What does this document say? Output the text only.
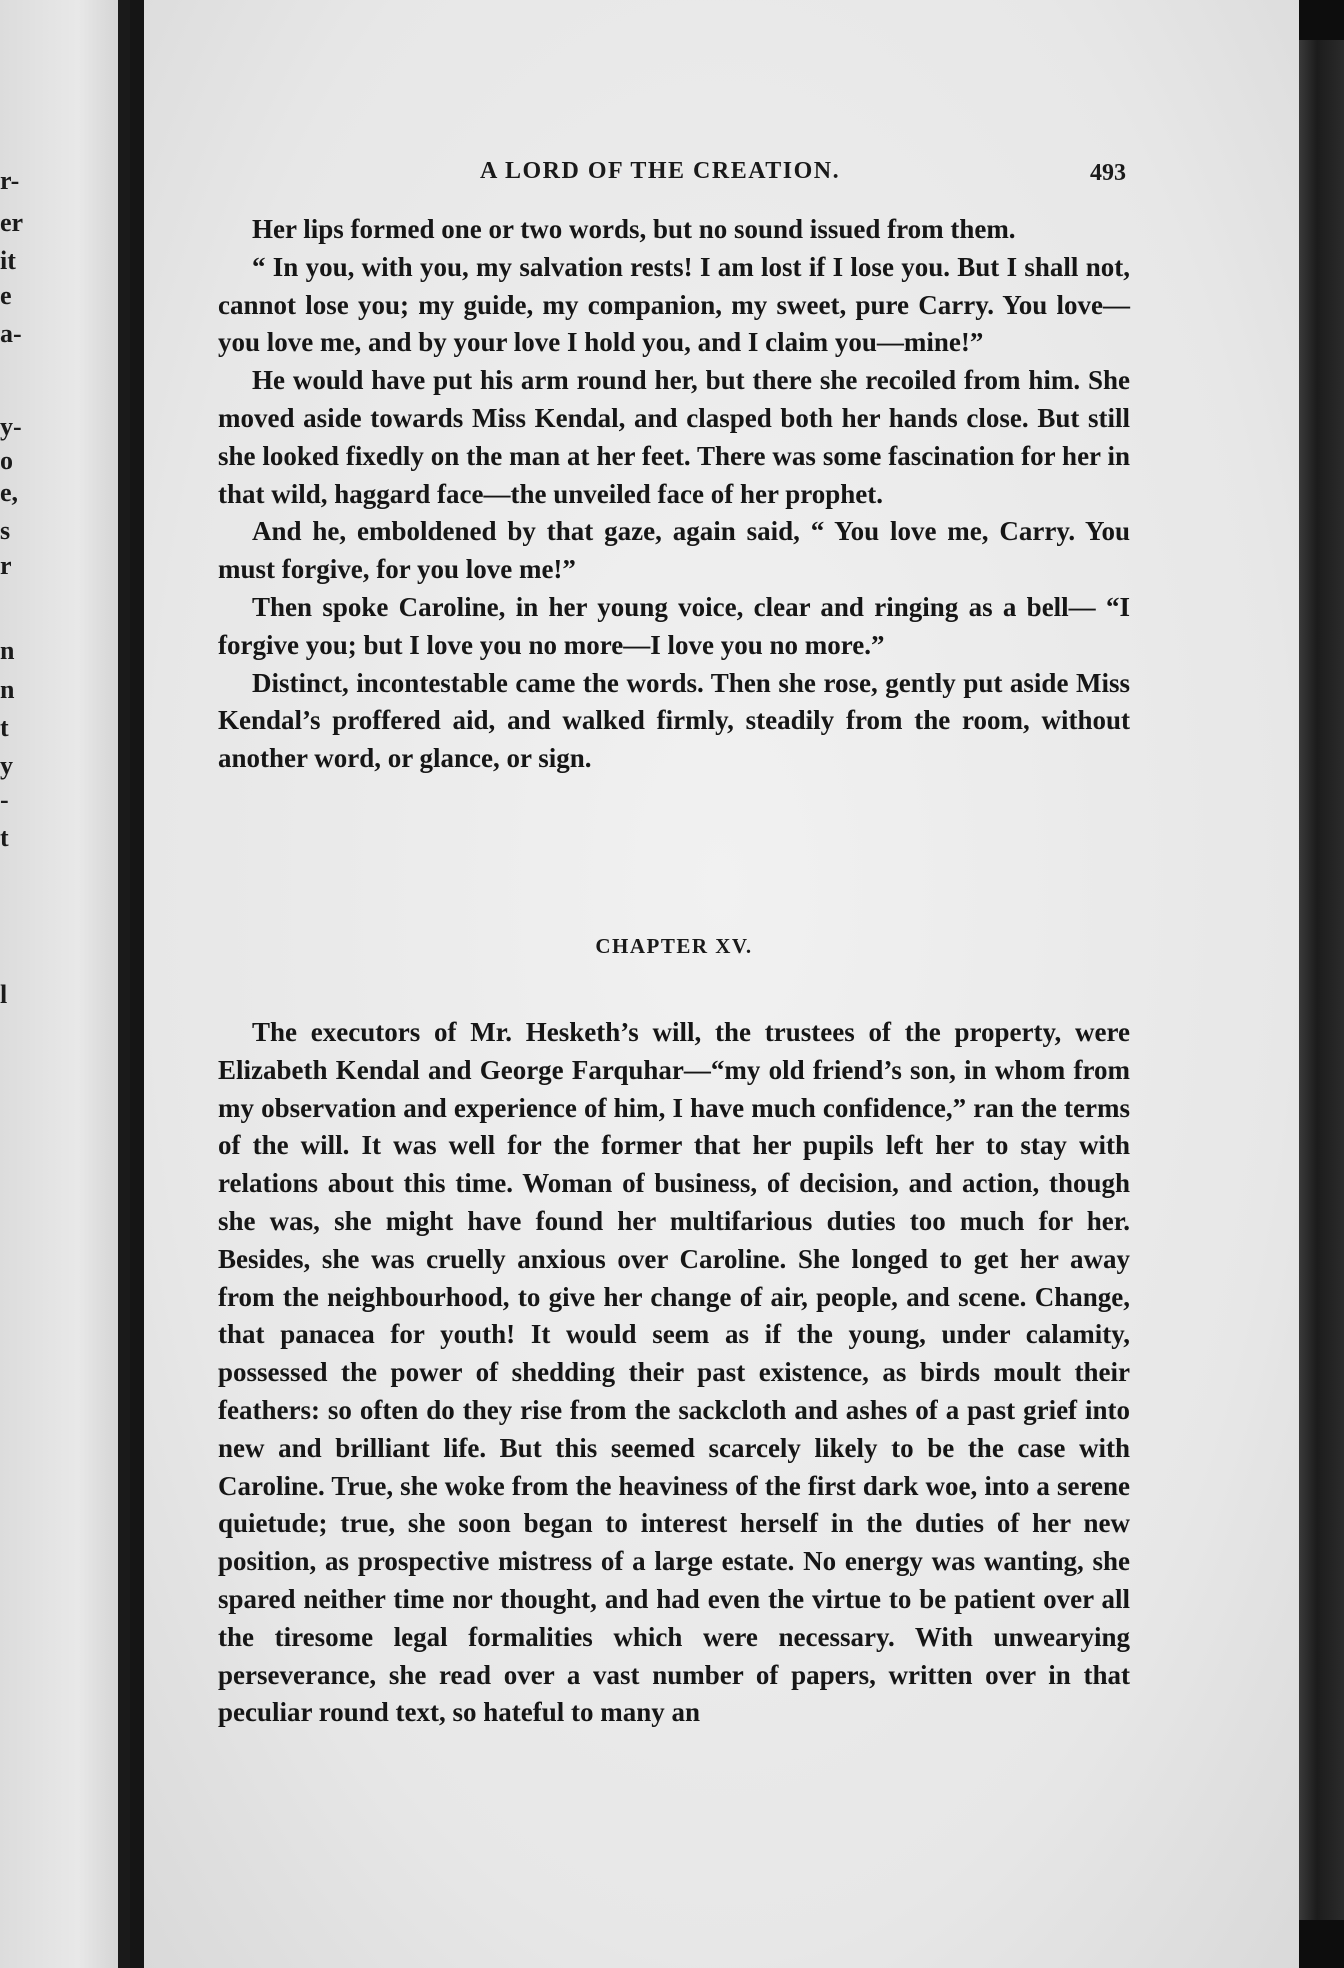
r-
er
it
e
a-
y-
o
e,
s
r
n
n
t
y
-
t
l
A LORD OF THE CREATION.	493

Her lips formed one or two words, but no sound issued from them.

“ In you, with you, my salvation rests! I am lost if I lose you. But I shall not, cannot lose you; my guide, my companion, my sweet, pure Carry. You love—you love me, and by your love I hold you, and I claim you—mine!”

He would have put his arm round her, but there she recoiled from him. She moved aside towards Miss Kendal, and clasped both her hands close. But still she looked fixedly on the man at her feet. There was some fascination for her in that wild, haggard face—the unveiled face of her prophet.

And he, emboldened by that gaze, again said, “ You love me, Carry. You must forgive, for you love me!”

Then spoke Caroline, in her young voice, clear and ringing as a bell— “I forgive you; but I love you no more—I love you no more.”

Distinct, incontestable came the words. Then she rose, gently put aside Miss Kendal’s proffered aid, and walked firmly, steadily from the room, without another word, or glance, or sign.

CHAPTER XV.

The executors of Mr. Hesketh’s will, the trustees of the property, were Elizabeth Kendal and George Farquhar—“my old friend’s son, in whom from my observation and experience of him, I have much confidence,” ran the terms of the will. It was well for the former that her pupils left her to stay with relations about this time. Woman of business, of decision, and action, though she was, she might have found her multifarious duties too much for her. Besides, she was cruelly anxious over Caroline. She longed to get her away from the neighbourhood, to give her change of air, people, and scene. Change, that panacea for youth! It would seem as if the young, under calamity, possessed the power of shedding their past existence, as birds moult their feathers: so often do they rise from the sackcloth and ashes of a past grief into new and brilliant life. But this seemed scarcely likely to be the case with Caroline. True, she woke from the heaviness of the first dark woe, into a serene quietude; true, she soon began to interest herself in the duties of her new position, as prospective mistress of a large estate. No energy was wanting, she spared neither time nor thought, and had even the virtue to be patient over all the tiresome legal formalities which were necessary. With unwearying perseverance, she read over a vast number of papers, written over in that peculiar round text, so hateful to many an
